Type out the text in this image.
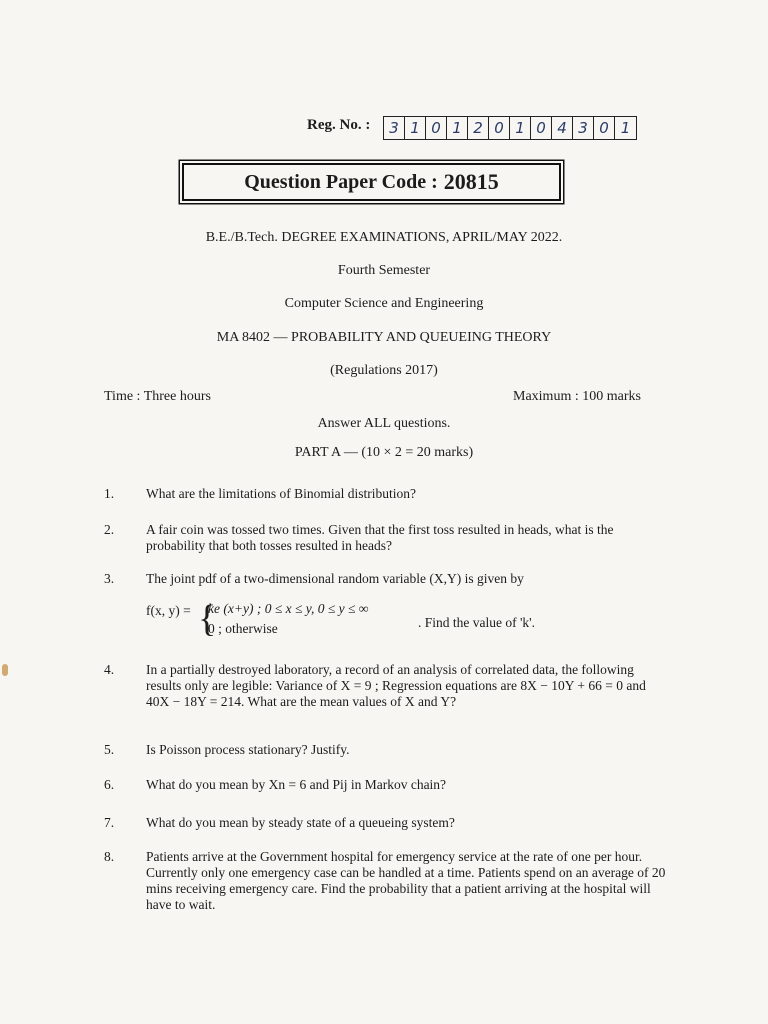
Reg. No. :	3 1 0 1 2 0 1 0 4 3 0 1
Question Paper Code : 20815
B.E./B.Tech. DEGREE EXAMINATIONS, APRIL/MAY 2022.
Fourth Semester
Computer Science and Engineering
MA 8402 — PROBABILITY AND QUEUEING THEORY
(Regulations 2017)
Time : Three hours	Maximum : 100 marks
Answer ALL questions.
PART A — (10 × 2 = 20 marks)
1. What are the limitations of Binomial distribution?
2. A fair coin was tossed two times. Given that the first toss resulted in heads, what is the probability that both tosses resulted in heads?
3. The joint pdf of a two-dimensional random variable (X,Y) is given by
f(x, y) = {
ke (x+y) ; 0 ≤ x ≤ y, 0 ≤ y ≤ ∞
0 ; otherwise	. Find the value of 'k'.
4. In a partially destroyed laboratory, a record of an analysis of correlated data, the following results only are legible: Variance of X = 9 ; Regression equations are 8X − 10Y + 66 = 0 and 40X − 18Y = 214. What are the mean values of X and Y?
5. Is Poisson process stationary? Justify.
6. What do you mean by Xn = 6 and Pij in Markov chain?
7. What do you mean by steady state of a queueing system?
8. Patients arrive at the Government hospital for emergency service at the rate of one per hour. Currently only one emergency case can be handled at a time. Patients spend on an average of 20 mins receiving emergency care. Find the probability that a patient arriving at the hospital will have to wait.
